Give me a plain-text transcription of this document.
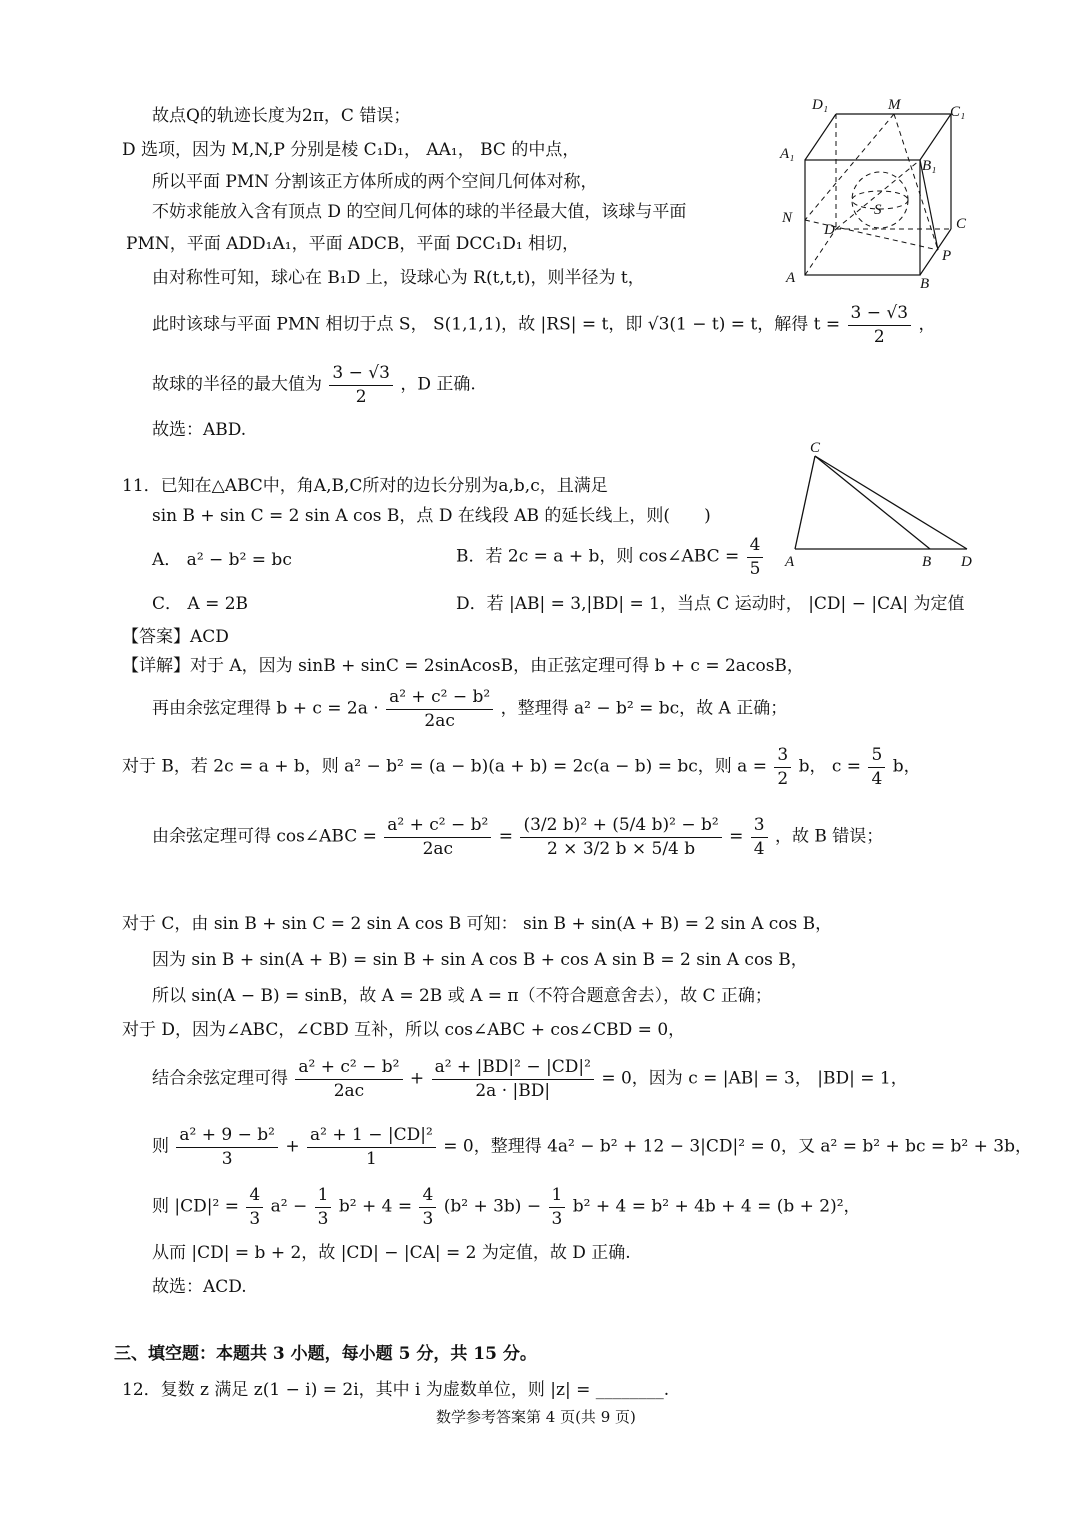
故点Q的轨迹长度为2π，C 错误；
D 选项，因为 M,N,P 分别是棱 C₁D₁， AA₁， BC 的中点，
所以平面 PMN 分割该正方体所成的两个空间几何体对称，
不妨求能放入含有顶点 D 的空间几何体的球的半径最大值，该球与平面
PMN，平面 ADD₁A₁，平面 ADCB，平面 DCC₁D₁ 相切，
由对称性可知，球心在 B₁D 上，设球心为 R(t,t,t)，则半径为 t，
此时该球与平面 PMN 相切于点 S， S(1,1,1)，故 |RS| = t，即 √3(1 − t) = t，解得 $t = \frac{3 - √3}{2}$ ，
故球的半径的最大值为 $\frac{3 - √3}{2}$ ，D 正确.
故选：ABD.
D₁	M	C₁
A₁
B₁
N	C
D
S
P
A	B
C
A	B D
11．已知在△ABC中，角A,B,C所对的边长分别为a,b,c，且满足
sin B + sin C = 2 sin A cos B，点 D 在线段 AB 的延长线上，则(　　)
A． a² − b² = bc	B．若 2c = a + b，则 cos∠ABC = $\frac{4}{5}$
C． A = 2B	D．若 |AB| = 3,|BD| = 1，当点 C 运动时， |CD| − |CA| 为定值
【答案】ACD
【详解】对于 A，因为 sinB + sinC = 2sinAcosB，由正弦定理可得 b + c = 2acosB，
再由余弦定理得 $b + c = 2a \cdot \frac{\text{a² + c² − b²}}{2ac}$ ，整理得 a² − b² = bc，故 A 正确；
对于 B，若 2c = a + b，则 a² − b² = (a − b)(a + b) = 2c(a − b) = bc，则 $a = \frac{3}{2}$ b， $c = \frac{5}{4}$ b，
由余弦定理可得 cos∠ABC = $\frac{\text{a² + c² − b²}}{2ac} = \frac{\text{(3/2 b)² + (5/4 b)² − b²}}{2 \times 3/2 b \times 5/4 b} = \frac{3}{4}$ ，故 B 错误；
对于 C，由 sin B + sin C = 2 sin A cos B 可知： sin B + sin(A + B) = 2 sin A cos B，
因为 sin B + sin(A + B) = sin B + sin A cos B + cos A sin B = 2 sin A cos B，
所以 sin(A − B) = sinB，故 A = 2B 或 A = π（不符合题意舍去），故 C 正确；
对于 D，因为∠ABC，∠CBD 互补，所以 cos∠ABC + cos∠CBD = 0，
结合余弦定理可得 $\frac{\text{a² + c² − b²}}{2ac} + \frac{\text{a² + |BD|² − |CD|²}}{2a \cdot |BD|} = 0$，因为 c = |AB| = 3， |BD| = 1，
则 $\frac{\text{a² + 9 − b²}}{3} + \frac{\text{a² + 1 − |CD|²}}{1} = 0$，整理得 4a² − b² + 12 − 3|CD|² = 0，又 a² = b² + bc = b² + 3b，
则 $|CD|^2 = \frac{4}{3} a^2 - \frac{1}{3} b^2 + 4 = \frac{4}{3} (b^2 + 3b) - \frac{1}{3} b^2 + 4 = b^2 + 4b + 4 = (b + 2)^2$，
从而 |CD| = b + 2，故 |CD| − |CA| = 2 为定值，故 D 正确.
故选：ACD.
三、填空题：本题共 3 小题，每小题 5 分，共 15 分。
12．复数 z 满足 z(1 − i) = 2i，其中 i 为虚数单位，则 |z| = ________.
数学参考答案第 4 页(共 9 页)
